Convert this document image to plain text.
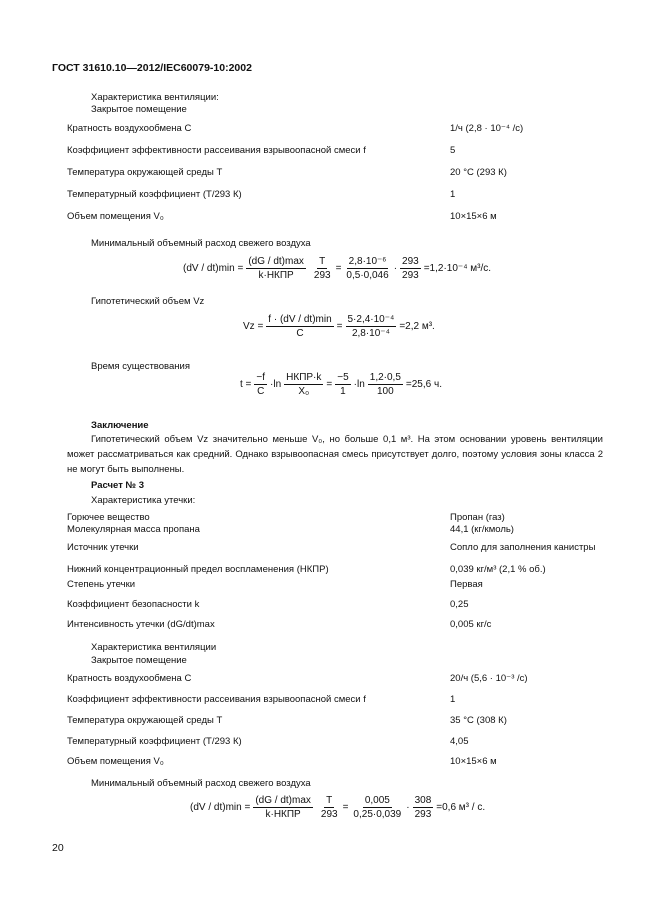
ГОСТ 31610.10—2012/IEC60079-10:2002
Характеристика вентиляции:
Закрытое помещение
Кратность воздухообмена C	1/ч (2,8 · 10⁻⁴ /с)
Коэффициент эффективности рассеивания взрывоопасной смеси f	5
Температура окружающей среды T	20 °С (293 К)
Температурный коэффициент (T/293 К)	1
Объем помещения V₀	10×15×6 м
Минимальный объемный расход свежего воздуха
(dV / dt)min =
(dG / dt)max
k·НКПР $\frac{T}{293} = \frac{\text{2,8·10⁻⁶}}{0,5\cdot 0,046} \cdot \frac{293}{293} =1,2\cdot 10^{-4}$ м³/с.
Гипотетический объем Vz
Vz =
f · (dV / dt)min
C
= $\frac{\text{5·2,4·10⁻⁴}}{\text{2,8·10⁻⁴}} =2,2$ м³.
Время существования
$t = \frac{-f}{C} \cdot\ln$
НКПР·k
X₀
= $\frac{-5}{1} \cdot\ln \frac{1,2\cdot 0,5}{100} =25,6$ ч.
Заключение
Гипотетический объем Vz значительно меньше V₀, но больше 0,1 м³. На этом основании уровень вентиляции может рассматриваться как средний. Однако взрывоопасная смесь присутствует долго, поэтому условия зоны класса 2 не могут быть выполнены.
Расчет № 3
Характеристика утечки:
Горючее вещество	Пропан (газ)
Молекулярная масса пропана	44,1 (кг/кмоль)
Источник утечки	Сопло для заполнения канистры
Нижний концентрационный предел воспламенения (НКПР)	0,039 кг/м³ (2,1 % об.)
Степень утечки	Первая
Коэффициент безопасности k	0,25
Интенсивность утечки (dG/dt)max	0,005 кг/с
Характеристика вентиляции
Закрытое помещение
Кратность воздухообмена C	20/ч (5,6 · 10⁻³ /с)
Коэффициент эффективности рассеивания взрывоопасной смеси f	1
Температура окружающей среды T	35 °С (308 К)
Температурный коэффициент (T/293 К)	4,05
Объем помещения V₀	10×15×6 м
Минимальный объемный расход свежего воздуха
(dV / dt)min =
(dG / dt)max
k·НКПР $\frac{T}{293} = \frac{0,005}{0,25\cdot 0,039} \cdot \frac{308}{293} =0,6$ м³ / с.
20
